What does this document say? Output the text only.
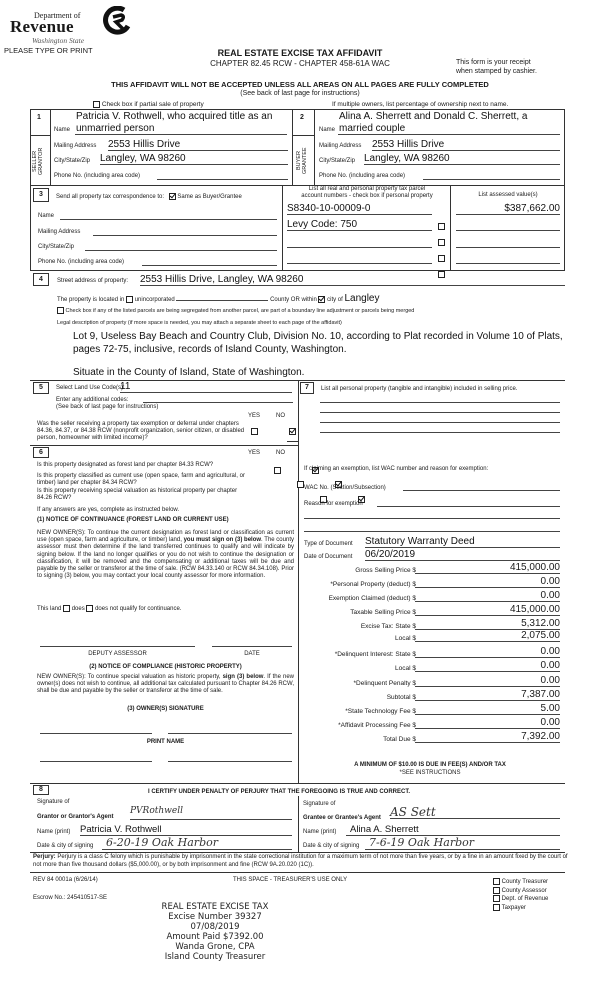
Department of
Revenue
Washington State
PLEASE TYPE OR PRINT	REAL ESTATE EXCISE TAX AFFIDAVIT
CHAPTER 82.45 RCW - CHAPTER 458-61A WAC	This form is your receipt
when stamped by cashier.
THIS AFFIDAVIT WILL NOT BE ACCEPTED UNLESS ALL AREAS ON ALL PAGES ARE FULLY COMPLETED
(See back of last page for instructions)
Check box if partial sale of property	If multiple owners, list percentage of ownership next to name.
1
SELLER
GRANTOR
Patricia V. Rothwell, who acquired title as an
Name unmarried person
Mailing Address 2553 Hillis Drive
City/State/Zip Langley, WA 98260
Phone No. (including area code)
2
BUYER
GRANTEE
Alina A. Sherrett and Donald C. Sherrett, a
Name married couple
Mailing Address 2553 Hillis Drive
City/State/Zip Langley, WA 98260
Phone No. (including area code)
3	Send all property tax correspondence to: Same as Buyer/Grantee
Name
Mailing Address
City/State/Zip
Phone No. (including area code)
List all real and personal property tax parcel
account numbers - check box if personal property	List assessed value(s)
S8340-10-00009-0	$387,662.00
Levy Code: 750
4	Street address of property: 2553 Hillis Drive, Langley, WA 98260
The property is located in unincorporated	County OR within city of Langley
Check box if any of the listed parcels are being segregated from another parcel, are part of a boundary line adjustment or parcels being merged
Legal description of property (if more space is needed, you may attach a separate sheet to each page of the affidavit)
Lot 9, Useless Bay Beach and Country Club, Division No. 10, according to Plat recorded in Volume 10 of Plats,
pages 72-75, inclusive, records of Island County, Washington.
Situate in the County of Island, State of Washington.
5	Select Land Use Code(s):
11
Enter any additional codes:
(See back of last page for instructions)
YES	NO
Was the seller receiving a property tax exemption or deferral under chapters 84.36, 84.37, or 84.38 RCW (nonprofit organization, senior citizen, or disabled person, homeowner with limited income)?

6	YES	NO
Is this property designated as forest land per chapter 84.33 RCW?

Is this property classified as current use (open space, farm and agricultural, or timber) land per chapter 84.34 RCW?

Is this property receiving special valuation as historical property per chapter 84.26 RCW?

If any answers are yes, complete as instructed below.
(1) NOTICE OF CONTINUANCE (FOREST LAND OR CURRENT USE)
NEW OWNER(S): To continue the current designation as forest land or classification as current use (open space, farm and agriculture, or timber) land, you must sign on (3) below. The county assessor must then determine if the land transferred continues to qualify and will indicate by signing below. If the land no longer qualifies or you do not wish to continue the designation or classification, it will be removed and the compensating or additional taxes will be due and payable by the seller or transferor at the time of sale. (RCW 84.33.140 or RCW 84.34.108). Prior to signing (3) below, you may contact your local county assessor for more information.
This land does does not qualify for continuance.
DEPUTY ASSESSOR	DATE
(2) NOTICE OF COMPLIANCE (HISTORIC PROPERTY)
NEW OWNER(S): To continue special valuation as historic property, sign (3) below. If the new owner(s) does not wish to continue, all additional tax calculated pursuant to Chapter 84.26 RCW, shall be due and payable by the seller or transferor at the time of sale.
(3) OWNER(S) SIGNATURE
PRINT NAME
7	List all personal property (tangible and intangible) included in selling price.
If claiming an exemption, list WAC number and reason for exemption:
WAC No. (Section/Subsection)
Reason for exemption
Type of Document Statutory Warranty Deed
Date of Document 06/20/2019
Gross Selling Price $	415,000.00
*Personal Property (deduct) $	0.00
Exemption Claimed (deduct) $	0.00
Taxable Selling Price $	415,000.00
Excise Tax: State $	5,312.00
Local $	2,075.00
*Delinquent Interest: State $	0.00
Local $	0.00
*Delinquent Penalty $	0.00
Subtotal $	7,387.00
*State Technology Fee $	5.00
*Affidavit Processing Fee $	0.00
Total Due $	7,392.00
A MINIMUM OF $10.00 IS DUE IN FEE(S) AND/OR TAX
*SEE INSTRUCTIONS
8	I CERTIFY UNDER PENALTY OF PERJURY THAT THE FOREGOING IS TRUE AND CORRECT.
Signature of
Grantor or Grantor's Agent
PVRothwell
Name (print) Patricia V. Rothwell
Date & city of signing	6-20-19 Oak Harbor
Signature of
Grantee or Grantee's Agent AS Sett
Name (print)	Alina A. Sherrett
Date & city of signing 7-6-19 Oak Harbor
Perjury: Perjury is a class C felony which is punishable by imprisonment in the state correctional institution for a maximum term of not more than five years, or by a fine in an amount fixed by the court of not more than five thousand dollars ($5,000.00), or by both imprisonment and fine (RCW 9A.20.020 (1C)).
REV 84 0001a (6/26/14)	THIS SPACE - TREASURER'S USE ONLY
Escrow No.: 245410517-SE
County Treasurer
County Assessor
Dept. of Revenue
Taxpayer
REAL ESTATE EXCISE TAX
Excise Number 39327
07/08/2019
Amount Paid $7392.00
Wanda Grone, CPA
Island County Treasurer
